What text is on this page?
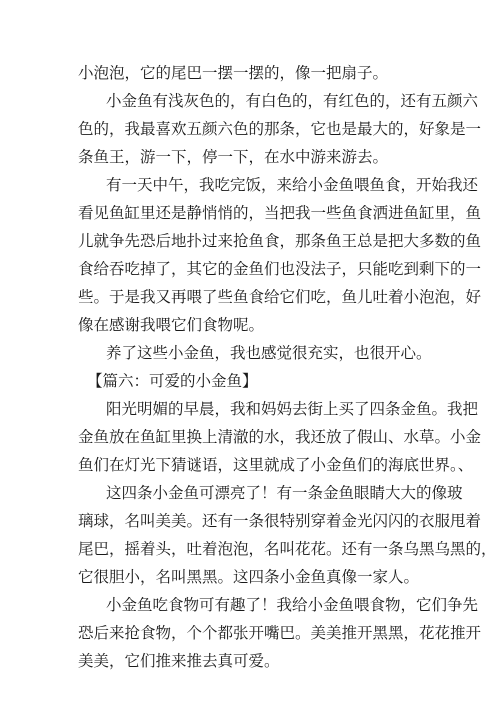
小泡泡，它的尾巴一摆一摆的，像一把扇子。
小金鱼有浅灰色的，有白色的，有红色的，还有五颜六
色的，我最喜欢五颜六色的那条，它也是最大的，好象是一
条鱼王，游一下，停一下，在水中游来游去。
有一天中午，我吃完饭，来给小金鱼喂鱼食，开始我还
看见鱼缸里还是静悄悄的，当把我一些鱼食洒进鱼缸里，鱼
儿就争先恐后地扑过来抢鱼食，那条鱼王总是把大多数的鱼
食给吞吃掉了，其它的金鱼们也没法子，只能吃到剩下的一
些。于是我又再喂了些鱼食给它们吃，鱼儿吐着小泡泡，好
像在感谢我喂它们食物呢。
养了这些小金鱼，我也感觉很充实，也很开心。
【篇六：可爱的小金鱼】
阳光明媚的早晨，我和妈妈去街上买了四条金鱼。我把
金鱼放在鱼缸里换上清澈的水，我还放了假山、水草。小金
鱼们在灯光下猜谜语，这里就成了小金鱼们的海底世界。、
这四条小金鱼可漂亮了！有一条金鱼眼睛大大的像玻
璃球，名叫美美。还有一条很特别穿着金光闪闪的衣服甩着
尾巴，摇着头，吐着泡泡，名叫花花。还有一条乌黑乌黑的，
它很胆小，名叫黑黑。这四条小金鱼真像一家人。
小金鱼吃食物可有趣了！我给小金鱼喂食物，它们争先
恐后来抢食物，个个都张开嘴巴。美美推开黑黑，花花推开
美美，它们推来推去真可爱。
